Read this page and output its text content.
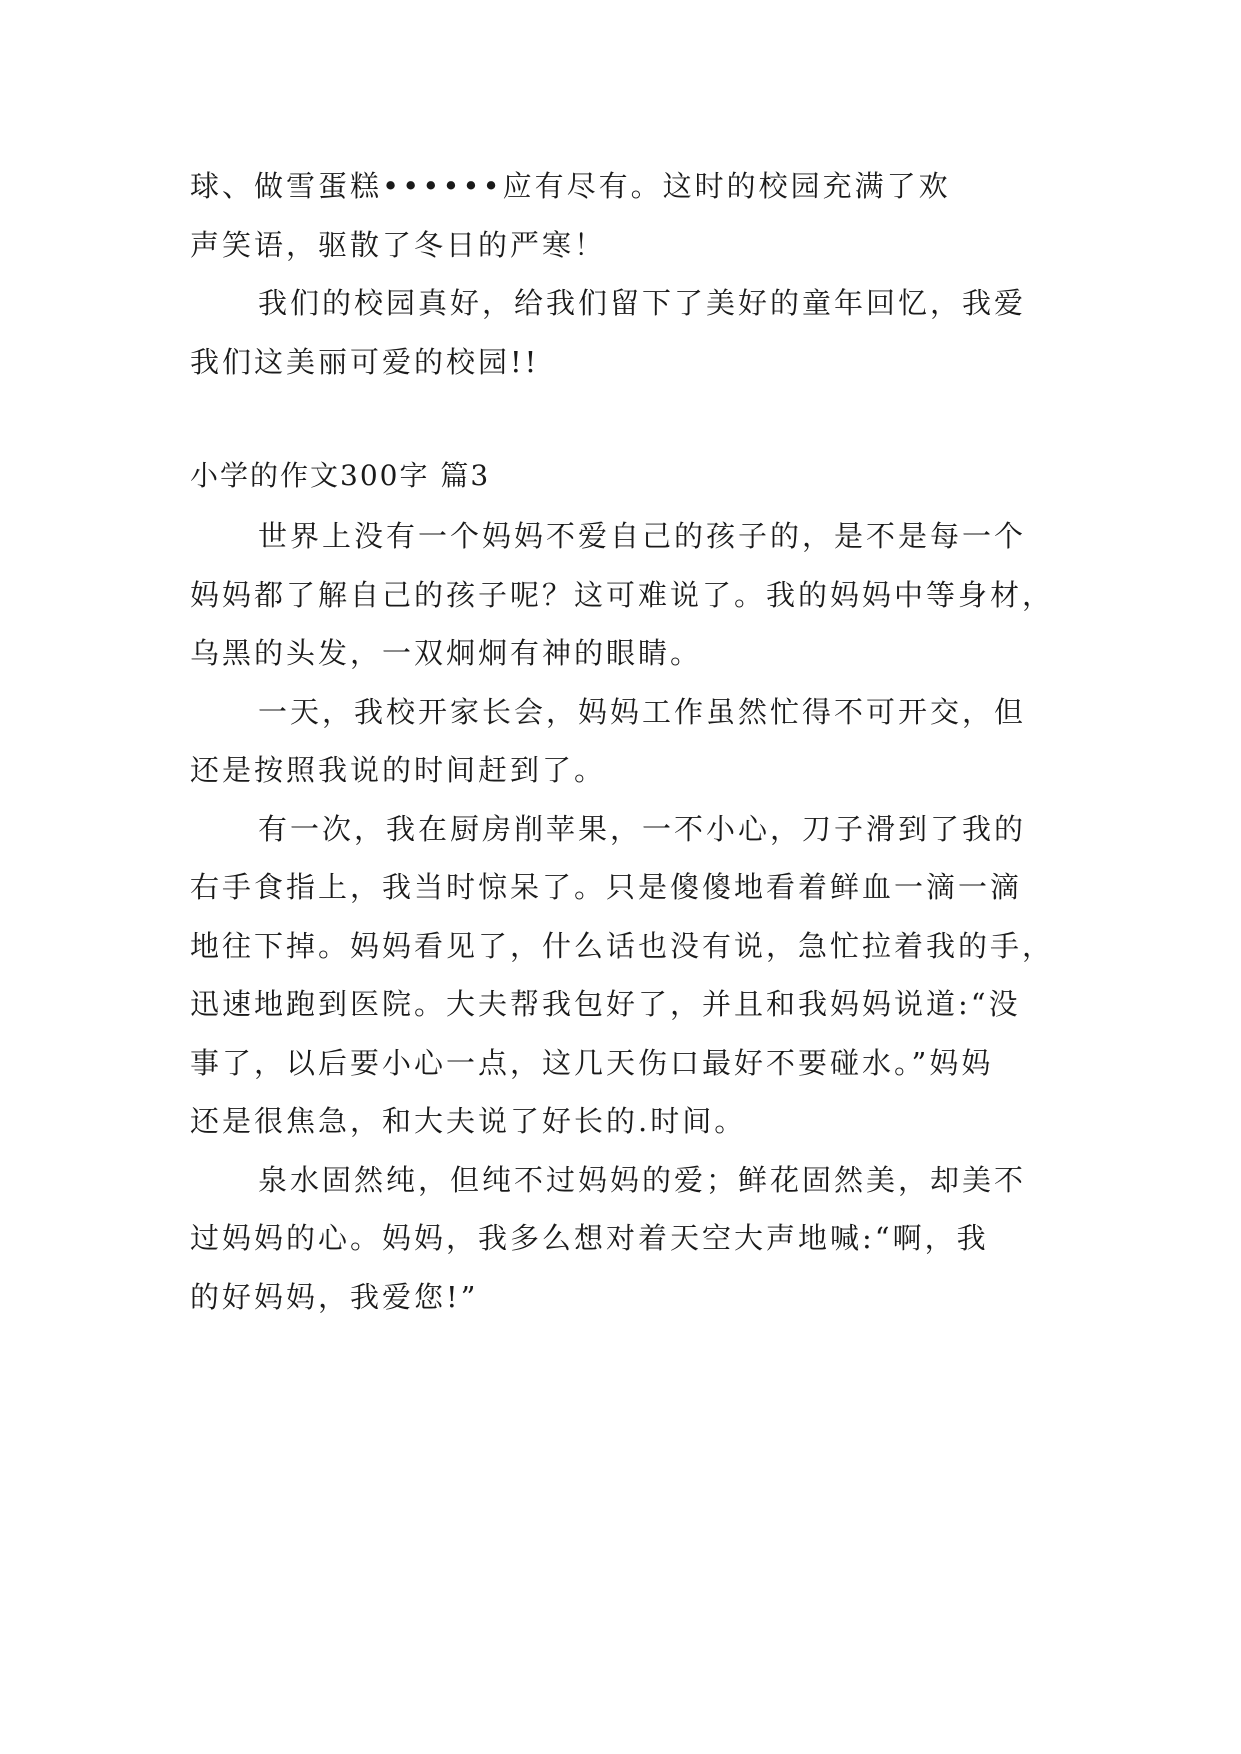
球、做雪蛋糕••••••应有尽有。这时的校园充满了欢
声笑语，驱散了冬日的严寒！
我们的校园真好，给我们留下了美好的童年回忆，我爱
我们这美丽可爱的校园!!
小学的作文300字 篇3
世界上没有一个妈妈不爱自己的孩子的，是不是每一个
妈妈都了解自己的孩子呢？这可难说了。我的妈妈中等身材，
乌黑的头发，一双炯炯有神的眼睛。
一天，我校开家长会，妈妈工作虽然忙得不可开交，但
还是按照我说的时间赶到了。
有一次，我在厨房削苹果，一不小心，刀子滑到了我的
右手食指上，我当时惊呆了。只是傻傻地看着鲜血一滴一滴
地往下掉。妈妈看见了，什么话也没有说，急忙拉着我的手，
迅速地跑到医院。大夫帮我包好了，并且和我妈妈说道:“没
事了，以后要小心一点，这几天伤口最好不要碰水。”妈妈
还是很焦急，和大夫说了好长的.时间。
泉水固然纯，但纯不过妈妈的爱；鲜花固然美，却美不
过妈妈的心。妈妈，我多么想对着天空大声地喊:“啊，我
的好妈妈，我爱您!”
